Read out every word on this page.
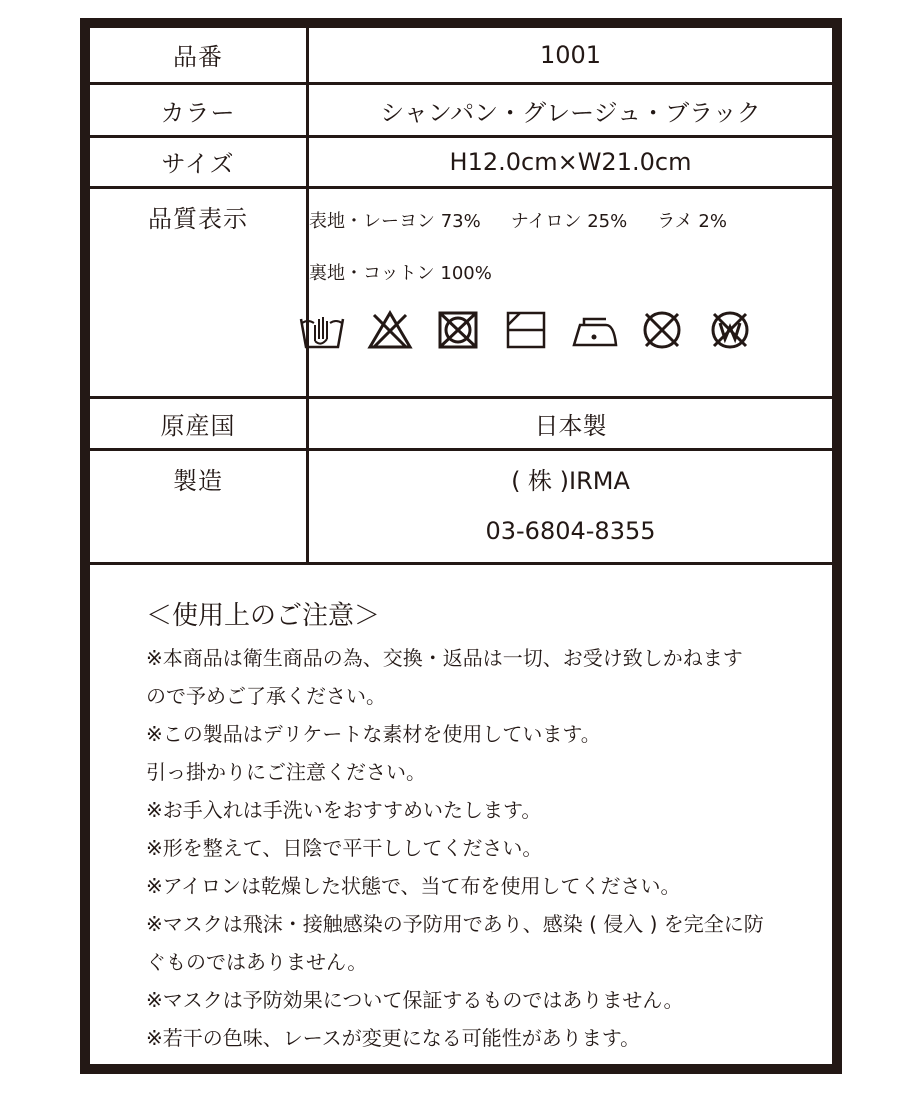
品番	1001
カラー	シャンパン・グレージュ・ブラック
サイズ	H12.0cm×W21.0cm
品質表示	表地・レーヨン 73% ナイロン 25% ラメ 2%
裏地・コットン 100%

原産国	日本製
製造	( 株 )IRMA
03-6804-8355
＜使用上のご注意＞
※本商品は衛生商品の為、交換・返品は一切、お受け致しかねます
ので予めご了承ください。
※この製品はデリケートな素材を使用しています。
引っ掛かりにご注意ください。
※お手入れは手洗いをおすすめいたします。
※形を整えて、日陰で平干ししてください。
※アイロンは乾燥した状態で、当て布を使用してください。
※マスクは飛沫・接触感染の予防用であり、感染 ( 侵入 ) を完全に防
ぐものではありません。
※マスクは予防効果について保証するものではありません。
※若干の色味、レースが変更になる可能性があります。
